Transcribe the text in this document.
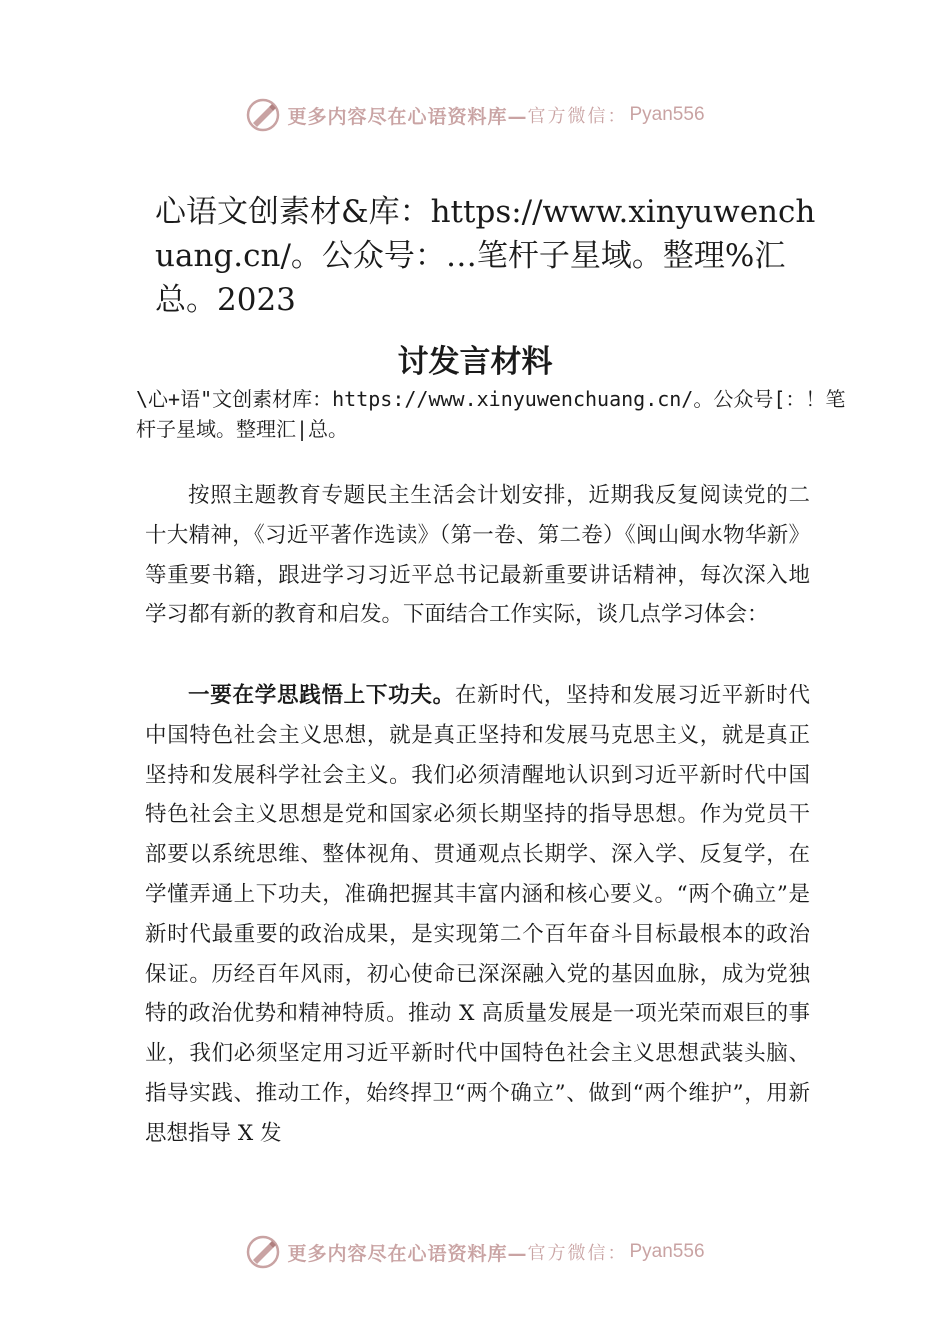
更多内容尽在心语资料库— 官方微信： Pyan556
心语文创素材&库：https://www.xinyuwenchuang.cn/。公众号：…笔杆子星域。整理%汇总。2023
讨发言材料
\心+语"文创素材库：https://www.xinyuwenchuang.cn/。公众号[：！笔杆子星域。整理汇|总。

按照主题教育专题民主生活会计划安排，近期我反复阅读党的二十大精神，《习近平著作选读》（第一卷、第二卷）《闽山闽水物华新》等重要书籍，跟进学习习近平总书记最新重要讲话精神，每次深入地学习都有新的教育和启发。下面结合工作实际，谈几点学习体会：

一要在学思践悟上下功夫。在新时代，坚持和发展习近平新时代中国特色社会主义思想，就是真正坚持和发展马克思主义，就是真正坚持和发展科学社会主义。我们必须清醒地认识到习近平新时代中国特色社会主义思想是党和国家必须长期坚持的指导思想。作为党员干部要以系统思维、整体视角、贯通观点长期学、深入学、反复学，在学懂弄通上下功夫，准确把握其丰富内涵和核心要义。“两个确立”是新时代最重要的政治成果，是实现第二个百年奋斗目标最根本的政治保证。历经百年风雨，初心使命已深深融入党的基因血脉，成为党独特的政治优势和精神特质。推动 X 高质量发展是一项光荣而艰巨的事业，我们必须坚定用习近平新时代中国特色社会主义思想武装头脑、指导实践、推动工作，始终捍卫“两个确立”、做到“两个维护”，用新思想指导 X 发

更多内容尽在心语资料库— 官方微信： Pyan556
